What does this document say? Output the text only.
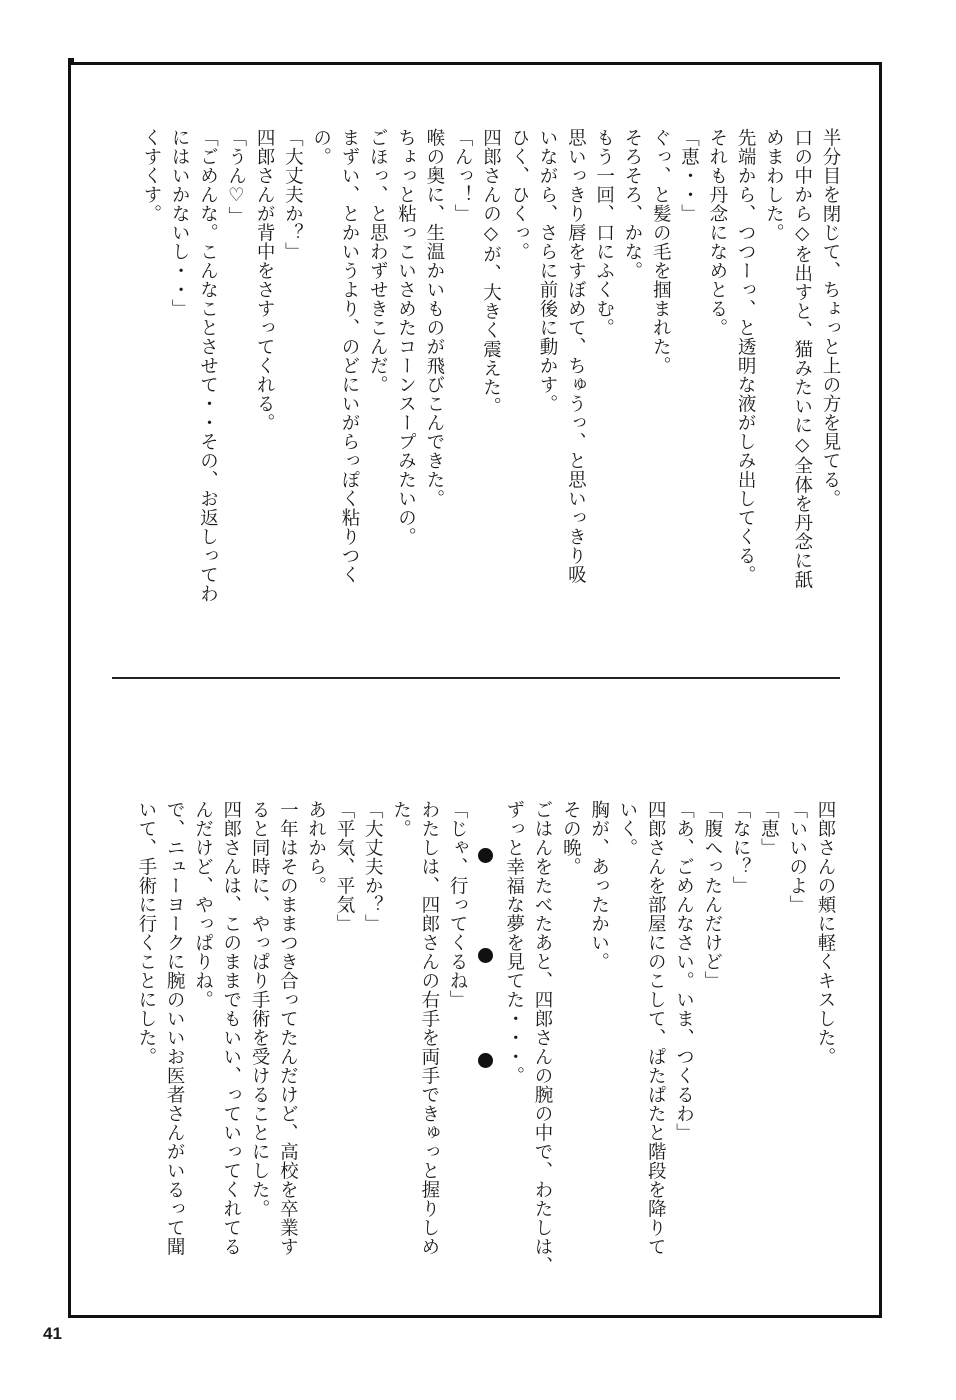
半分目を閉じて、ちょっと上の方を見てる。
口の中から◇を出すと、猫みたいに◇全体を丹念に舐
めまわした。
先端から、つつーっ、と透明な液がしみ出してくる。
それも丹念になめとる。
「恵・・」
ぐっ、と髪の毛を掴まれた。
そろそろ、かな。
もう一回、口にふくむ。
思いっきり唇をすぼめて、ちゅうっ、と思いっきり吸
いながら、さらに前後に動かす。
ひく、ひくっ。
四郎さんの◇が、大きく震えた。
「んっ！」
喉の奥に、生温かいものが飛びこんできた。
ちょっと粘っこいさめたコーンスープみたいの。
ごほっ、と思わずせきこんだ。
まずい、とかいうより、のどにいがらっぽく粘りつく
の。
「大丈夫か？」
四郎さんが背中をさすってくれる。
「うん♡」
「ごめんな。こんなことさせて・・その、お返しってわ
にはいかないし・・」
くすくす。
四郎さんの頬に軽くキスした。
「いいのよ」
「恵」
「なに？」
「腹へったんだけど」
「あ、ごめんなさい。いま、つくるわ」
四郎さんを部屋にのこして、ぱたぱたと階段を降りて
いく。
胸が、あったかい。
その晩。
ごはんをたべたあと、四郎さんの腕の中で、わたしは、
ずっと幸福な夢を見てた・・・。
「じゃ、行ってくるね」
わたしは、四郎さんの右手を両手できゅっと握りしめ
た。
「大丈夫か？」
「平気、平気」
あれから。
一年はそのままつき合ってたんだけど、高校を卒業す
ると同時に、やっぱり手術を受けることにした。
四郎さんは、このままでもいい、っていってくれてる
んだけど、やっぱりね。
で、ニューヨークに腕のいいお医者さんがいるって聞
いて、手術に行くことにした。
41
